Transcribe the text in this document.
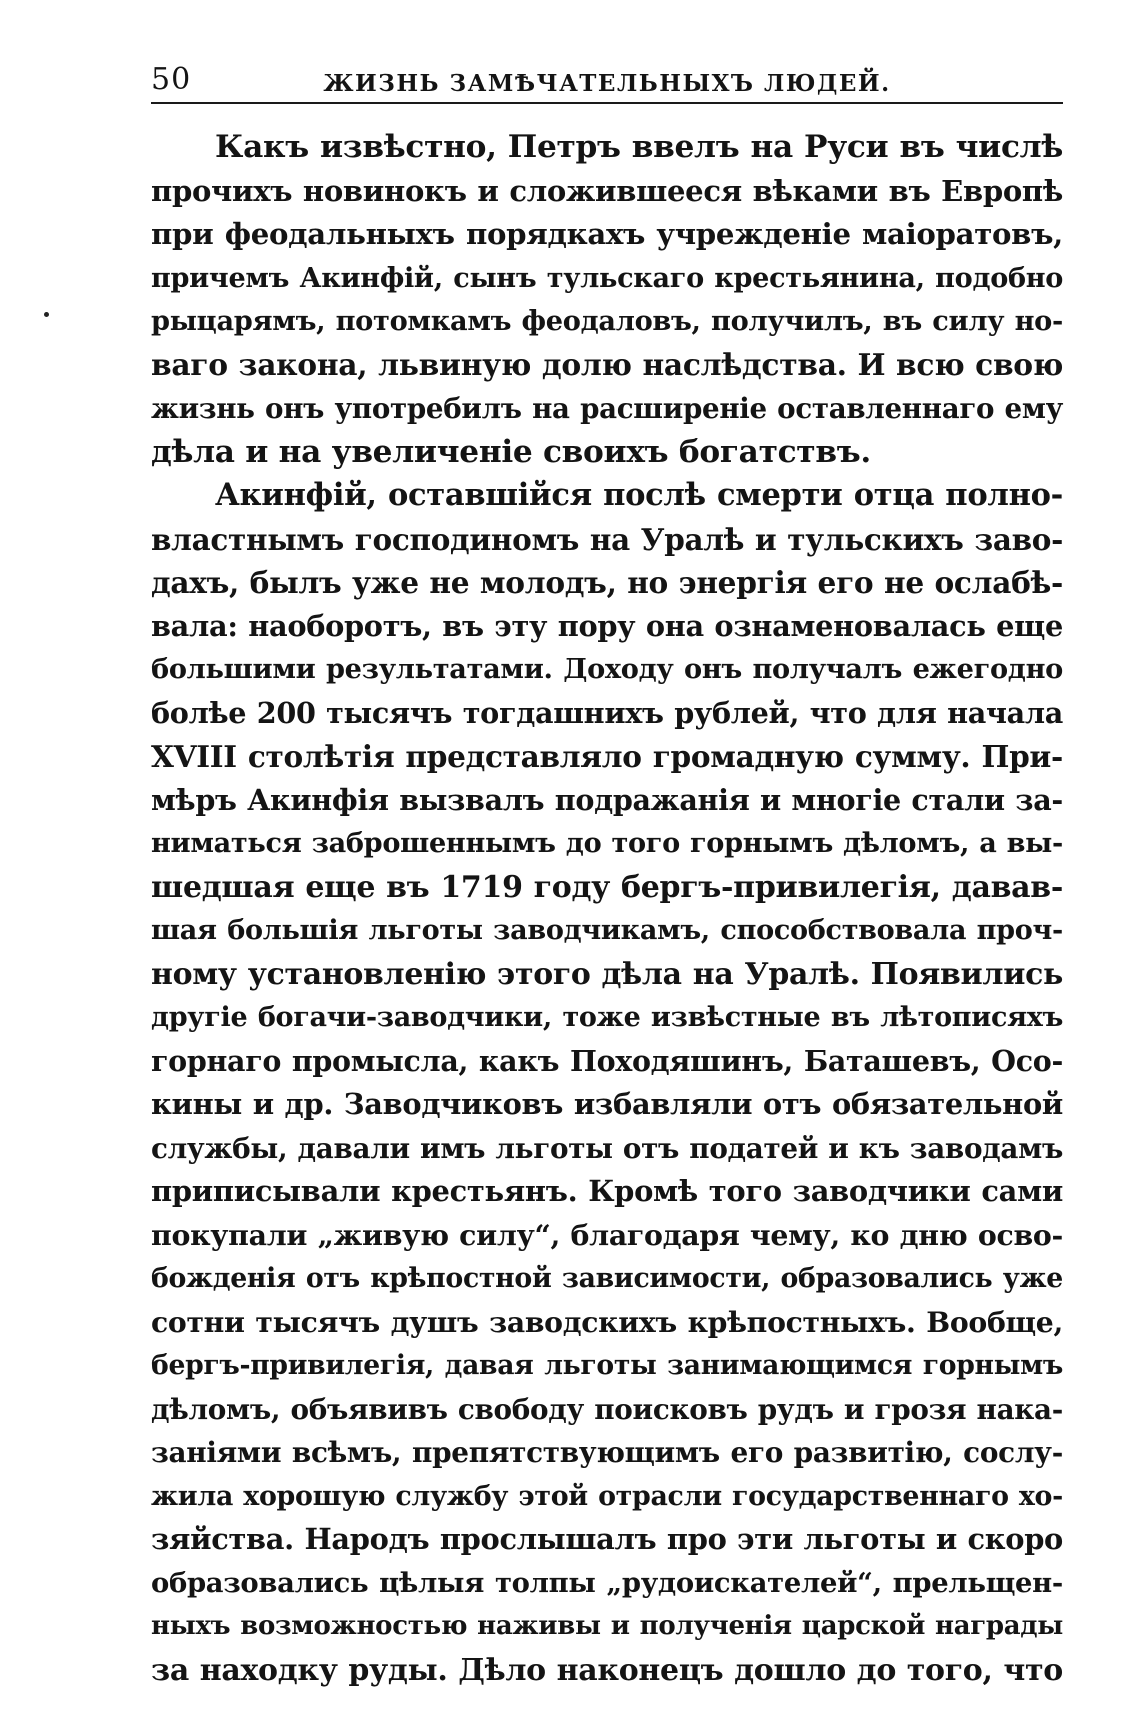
50	ЖИЗНЬ ЗАМѢЧАТЕЛЬНЫХЪ ЛЮДЕЙ.
Какъ извѣстно, Петръ ввелъ на Руси въ числѣ
прочихъ новинокъ и сложившееся вѣками въ Европѣ
при феодальныхъ порядкахъ учрежденіе маіоратовъ,
причемъ Акинфій, сынъ тульскаго крестьянина, подобно
рыцарямъ, потомкамъ феодаловъ, получилъ, въ силу но-
ваго закона, львиную долю наслѣдства. И всю свою
жизнь онъ употребилъ на расширеніе оставленнаго ему
дѣла и на увеличеніе своихъ богатствъ.
Акинфій, оставшійся послѣ смерти отца полно-
властнымъ господиномъ на Уралѣ и тульскихъ заво-
дахъ, былъ уже не молодъ, но энергія его не ослабѣ-
вала: наоборотъ, въ эту пору она ознаменовалась еще
большими результатами. Доходу онъ получалъ ежегодно
болѣе 200 тысячъ тогдашнихъ рублей, что для начала
XVIII столѣтія представляло громадную сумму. При-
мѣръ Акинфія вызвалъ подражанія и многіе стали за-
ниматься заброшеннымъ до того горнымъ дѣломъ, а вы-
шедшая еще въ 1719 году бергъ-привилегія, давав-
шая большія льготы заводчикамъ, способствовала проч-
ному установленію этого дѣла на Уралѣ. Появились
другіе богачи-заводчики, тоже извѣстные въ лѣтописяхъ
горнаго промысла, какъ Походяшинъ, Баташевъ, Осо-
кины и др. Заводчиковъ избавляли отъ обязательной
службы, давали имъ льготы отъ податей и къ заводамъ
приписывали крестьянъ. Кромѣ того заводчики сами
покупали „живую силу“, благодаря чему, ко дню осво-
божденія отъ крѣпостной зависимости, образовались уже
сотни тысячъ душъ заводскихъ крѣпостныхъ. Вообще,
бергъ-привилегія, давая льготы занимающимся горнымъ
дѣломъ, объявивъ свободу поисковъ рудъ и грозя нака-
заніями всѣмъ, препятствующимъ его развитію, сослу-
жила хорошую службу этой отрасли государственнаго хо-
зяйства. Народъ прослышалъ про эти льготы и скоро
образовались цѣлыя толпы „рудоискателей“, прельщен-
ныхъ возможностью наживы и полученія царской награды
за находку руды. Дѣло наконецъ дошло до того, что
